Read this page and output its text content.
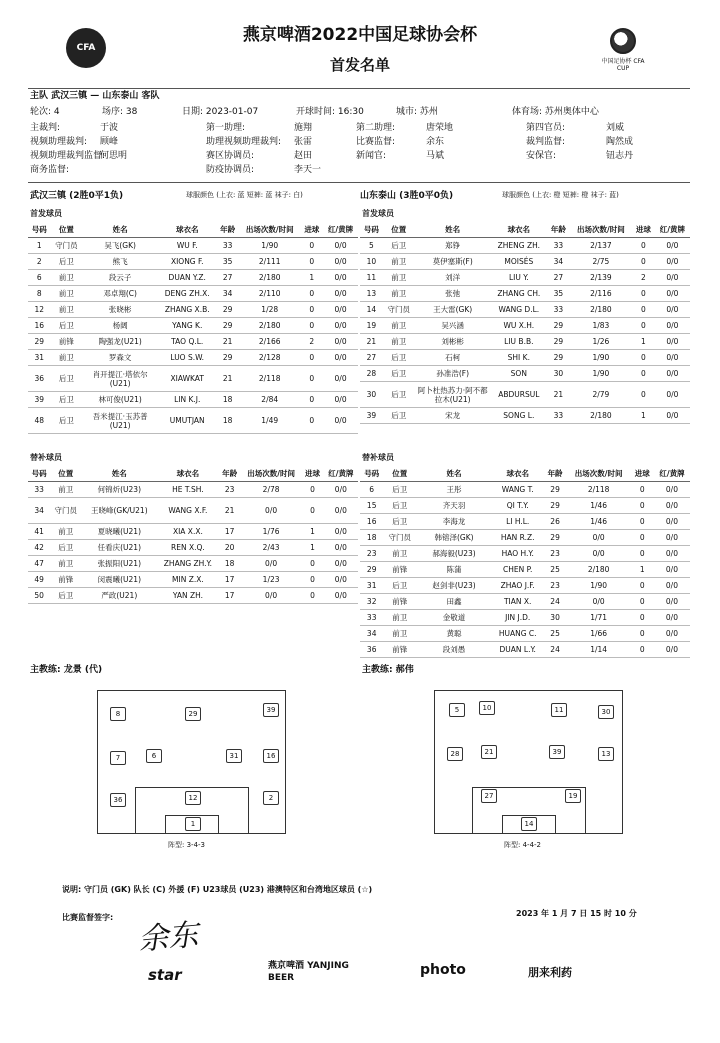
CFA
燕京啤酒2022中国足球协会杯
首发名单	中国足协杯 CFA CUP
主队 武汉三镇 — 山东泰山 客队
轮次: 4	场序: 38	日期: 2023-01-07	开球时间: 16:30	城市: 苏州	体育场: 苏州奥体中心
主裁判:	于波	第一助理:	施翔	第二助理:	唐荣地	第四官员:	刘威
视频助理裁判: 顾峰	助理视频助理裁判: 张雷	比赛监督:	余东	裁判监督:	陶然成
视频助理裁判监督:
何思明	赛区协调员:	赵田	新闻官:	马斌	安保官:	钮志丹
商务监督:	防疫协调员:	李天一
武汉三镇 (2胜0平1负)	球服颜色 (上衣: 蓝 短裤: 蓝 袜子: 白)
首发球员
号码	位置	姓名	球衣名	年龄	出场次数/时间	进球	红/黄牌
1	守门员	吴飞(GK)	WU F.	33	1/90	0	0/0
2	后卫	熊飞	XIONG F.	35	2/111	0	0/0
6	前卫	段云子	DUAN Y.Z.	27	2/180	1	0/0
8	前卫	邓卓翔(C)	DENG ZH.X.	34	2/110	0	0/0
12	前卫	张晓彬	ZHANG X.B.	29	1/28	0	0/0
16	后卫	杨阔	YANG K.	29	2/180	0	0/0
29	前锋	陶强龙(U21)	TAO Q.L.	21	2/166	2	0/0
31	前卫	罗森文	LUO S.W.	29	2/128	0	0/0
36	后卫	肖开提江·塔依尔(U21)	XIAWKAT	21	2/118	0	0/0
39	后卫	林可俊(U21)	LIN K.J.	18	2/84	0	0/0
48	后卫	吾米提江·玉苏普(U21)	UMUTJAN	18	1/49	0	0/0
替补球员
号码	位置	姓名	球衣名	年龄	出场次数/时间	进球	红/黄牌
33	前卫	何锦炘(U23)	HE T.SH.	23	2/78	0	0/0
34	守门员	王晓峰(GK/U21)	WANG X.F.	21	0/0	0	0/0
41	前卫	夏晓曦(U21)	XIA X.X.	17	1/76	1	0/0
42	后卫	任看庆(U21)	REN X.Q.	20	2/43	1	0/0
47	前卫	张振阳(U21)	ZHANG ZH.Y.	18	0/0	0	0/0
49	前锋	闵震曦(U21)	MIN Z.X.	17	1/23	0	0/0
50	后卫	严政(U21)	YAN ZH.	17	0/0	0	0/0
主教练: 龙景 (代)
山东泰山 (3胜0平0负)	球服颜色 (上衣: 橙 短裤: 橙 袜子: 蓝)
首发球员
号码	位置	姓名	球衣名	年龄	出场次数/时间	进球	红/黄牌
5	后卫	郑铮	ZHENG ZH.	33	2/137	0	0/0
10	前卫	莫伊塞斯(F)	MOISÉS	34	2/75	0	0/0
11	前卫	刘洋	LIU Y.	27	2/139	2	0/0
13	前卫	张弛	ZHANG CH.	35	2/116	0	0/0
14	守门员	王大雷(GK)	WANG D.L.	33	2/180	0	0/0
19	前卫	吴兴涵	WU X.H.	29	1/83	0	0/0
21	前卫	刘彬彬	LIU B.B.	29	1/26	1	0/0
27	后卫	石柯	SHI K.	29	1/90	0	0/0
28	后卫	孙准浩(F)	SON	30	1/90	0	0/0
30	后卫	阿卜杜热苏力·阿不都拉木(U21)	ABDURSUL	21	2/79	0	0/0
39	后卫	宋龙	SONG L.	33	2/180	1	0/0
替补球员
号码	位置	姓名	球衣名	年龄	出场次数/时间	进球	红/黄牌
6	后卫	王彤	WANG T.	29	2/118	0	0/0
15	后卫	齐天羽	QI T.Y.	29	1/46	0	0/0
16	后卫	李海龙	LI H.L.	26	1/46	0	0/0
18	守门员	韩镕泽(GK)	HAN R.Z.	29	0/0	0	0/0
23	前卫	郝海毅(U23)	HAO H.Y.	23	0/0	0	0/0
29	前锋	陈蒲	CHEN P.	25	2/180	1	0/0
31	后卫	赵剑非(U23)	ZHAO J.F.	23	1/90	0	0/0
32	前锋	田鑫	TIAN X.	24	0/0	0	0/0
33	前卫	金敬道	JIN J.D.	30	1/71	0	0/0
34	前卫	黄聪	HUANG C.	25	1/66	0	0/0
36	前锋	段刘愚	DUAN L.Y.	24	1/14	0	0/0
主教练: 郝伟
8	29	39
7	6	31	16
36	12	2
1
阵型: 3-4-3
5	10	11
13
28	21	39
30
27	19
14
阵型: 4-4-2
说明: 守门员 (GK) 队长 (C) 外援 (F) U23球员 (U23) 港澳特区和台湾地区球员 (☆)
比赛监督签字: 余东
2023 年 1 月 7 日 15 时 10 分
star	燕京啤酒 YANJING BEER	photo	朋来利药
